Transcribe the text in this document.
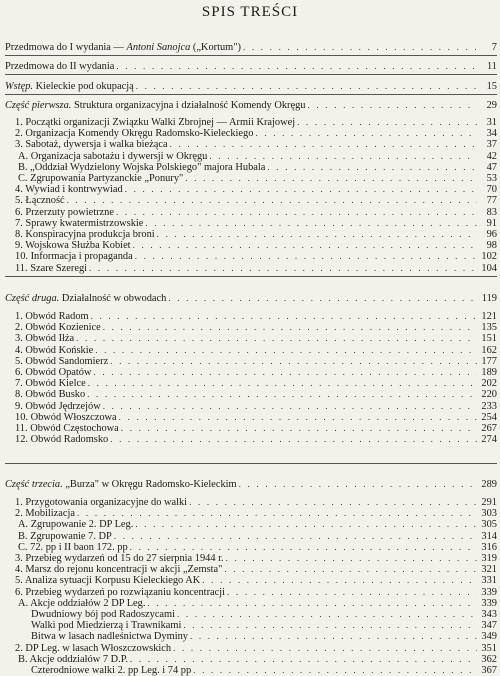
SPIS TREŚCI
Przedmowa do I wydania — Antoni Sanojca („Kortum") . . .	7
Przedmowa do II wydania . . .	11
Wstęp. Kieleckie pod okupacją . . .	15
Część pierwsza. Struktura organizacyjna i działalność Komendy Okręgu . . .	29
1. Początki organizacji Związku Walki Zbrojnej — Armii Krajowej . . .	31
2. Organizacja Komendy Okręgu Radomsko-Kieleckiego . . .	34
3. Sabotaż, dywersja i walka bieżąca . . .	37
A. Organizacja sabotażu i dywersji w Okręgu . . .	42
B. „Oddział Wydzielony Wojska Polskiego" majora Hubala . . .	47
C. Zgrupowania Partyzanckie „Ponury" . . .	53
4. Wywiad i kontrwywiad . . .	70
5. Łączność . . .	77
6. Przerzuty powietrzne . . .	83
7. Sprawy kwatermistrzowskie . . .	91
8. Konspiracyjna produkcja broni . . .	96
9. Wojskowa Służba Kobiet . . .	98
10. Informacja i propaganda . . .	102
11. Szare Szeregi . . .	104
Część druga. Działalność w obwodach . . .	119
1. Obwód Radom . . .	121
2. Obwód Kozienice . . .	135
3. Obwód Iłża . . .	151
4. Obwód Końskie . . .	162
5. Obwód Sandomierz . . .	177
6. Obwód Opatów . . .	189
7. Obwód Kielce . . .	202
8. Obwód Busko . . .	220
9. Obwód Jędrzejów . . .	233
10. Obwód Włoszczowa . . .	254
11. Obwód Częstochowa . . .	267
12. Obwód Radomsko . . .	274
Część trzecia. „Burza" w Okręgu Radomsko-Kieleckim . . .	289
1. Przygotowania organizacyjne do walki . . .	291
2. Mobilizacja . . .	303
A. Zgrupowanie 2. DP Leg. . . .	305
B. Zgrupowanie 7. DP . . .	314
C. 72. pp i II baon 172. pp . . .	316
3. Przebieg wydarzeń od 15 do 27 sierpnia 1944 r. . . .	319
4. Marsz do rejonu koncentracji w akcji „Zemsta" . . .	321
5. Analiza sytuacji Korpusu Kieleckiego AK . . .	331
6. Przebieg wydarzeń po rozwiązaniu koncentracji . . .	339
A. Akcje oddziałów 2 DP Leg. . . .	339
Dwudniowy bój pod Radoszycami . . .	343
Walki pod Miedzierzą i Trawnikami . . .	347
Bitwa w lasach nadleśnictwa Dyminy . . .	349
2. DP Leg. w lasach Włoszczowskich . . .	351
B. Akcje oddziałów 7 D.P. . . .	362
Czterodniowe walki 2. pp Leg. i 74 pp . . .	367
